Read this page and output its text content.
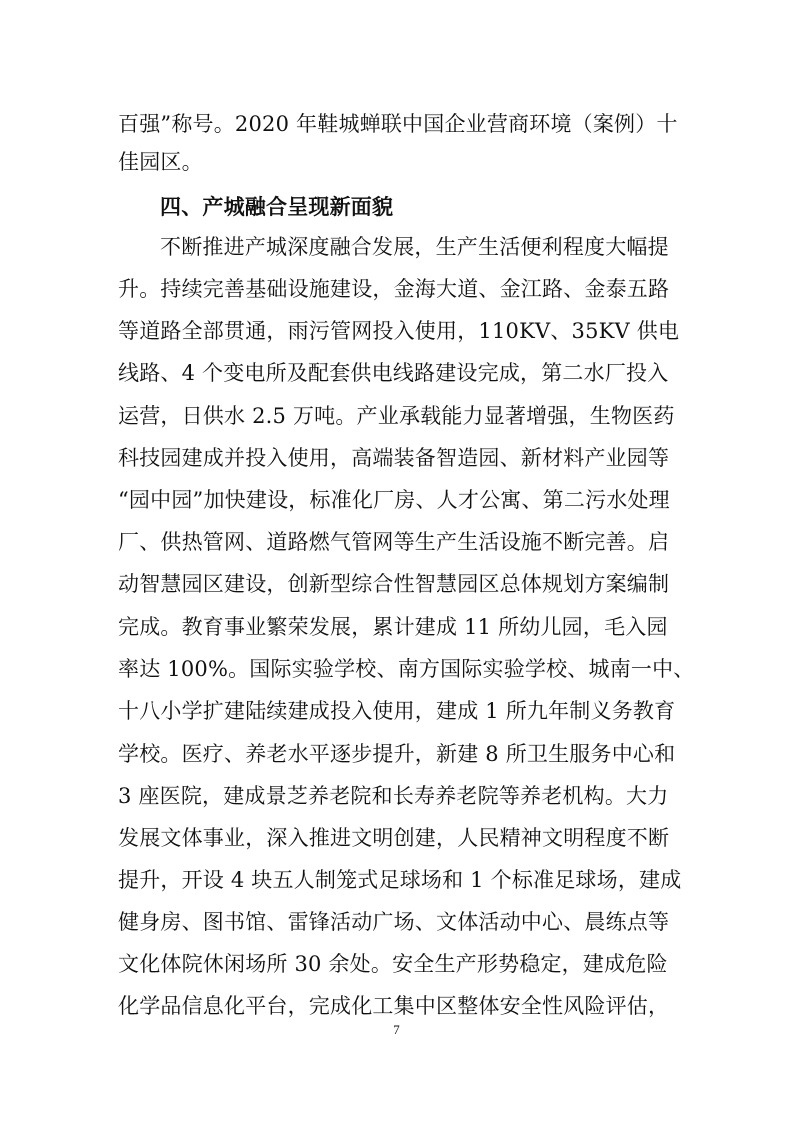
百强”称号。2020 年鞋城蝉联中国企业营商环境（案例）十
佳园区。
四、产城融合呈现新面貌
不断推进产城深度融合发展，生产生活便利程度大幅提
升。持续完善基础设施建设，金海大道、金江路、金泰五路
等道路全部贯通，雨污管网投入使用，110KV、35KV 供电
线路、4 个变电所及配套供电线路建设完成，第二水厂投入
运营，日供水 2.5 万吨。产业承载能力显著增强，生物医药
科技园建成并投入使用，高端装备智造园、新材料产业园等
“园中园”加快建设，标准化厂房、人才公寓、第二污水处理
厂、供热管网、道路燃气管网等生产生活设施不断完善。启
动智慧园区建设，创新型综合性智慧园区总体规划方案编制
完成。教育事业繁荣发展，累计建成 11 所幼儿园，毛入园
率达 100%。国际实验学校、南方国际实验学校、城南一中、
十八小学扩建陆续建成投入使用，建成 1 所九年制义务教育
学校。医疗、养老水平逐步提升，新建 8 所卫生服务中心和
3 座医院，建成景芝养老院和长寿养老院等养老机构。大力
发展文体事业，深入推进文明创建，人民精神文明程度不断
提升，开设 4 块五人制笼式足球场和 1 个标准足球场，建成
健身房、图书馆、雷锋活动广场、文体活动中心、晨练点等
文化体院休闲场所 30 余处。安全生产形势稳定，建成危险
化学品信息化平台，完成化工集中区整体安全性风险评估，
7
